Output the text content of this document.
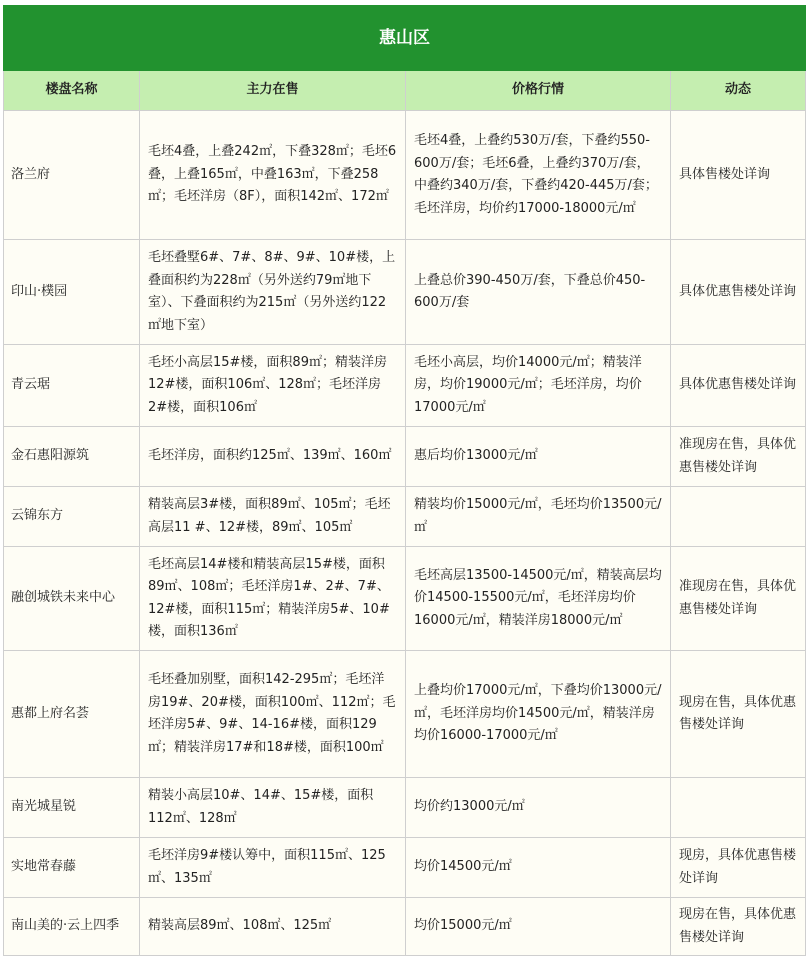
惠山区			
楼盘名称	主力在售	价格行情	动态
洛兰府	毛坯4叠，上叠242㎡，下叠328㎡；毛坯6叠，上叠165㎡，中叠163㎡，下叠258㎡；毛坯洋房（8F），面积142㎡、172㎡	毛坯4叠，上叠约530万/套，下叠约550-600万/套；毛坯6叠，上叠约370万/套，中叠约340万/套，下叠约420-445万/套；毛坯洋房，均价约17000-18000元/㎡	具体售楼处详询
印山·樸园	毛坯叠墅6#、7#、8#、9#、10#楼，上叠面积约为228㎡（另外送约79㎡地下室）、下叠面积约为215㎡（另外送约122㎡地下室）	上叠总价390-450万/套，下叠总价450-600万/套	具体优惠售楼处详询
青云琚	毛坯小高层15#楼，面积89㎡；精装洋房12#楼，面积106㎡、128㎡；毛坯洋房2#楼，面积106㎡	毛坯小高层，均价14000元/㎡；精装洋房，均价19000元/㎡；毛坯洋房，均价17000元/㎡	具体优惠售楼处详询
金石惠阳源筑	毛坯洋房，面积约125㎡、139㎡、160㎡	惠后均价13000元/㎡	准现房在售，具体优惠售楼处详询
云锦东方	精装高层3#楼，面积89㎡、105㎡；毛坯高层11 #、12#楼，89㎡、105㎡	精装均价15000元/㎡，毛坯均价13500元/㎡	
融创城铁未来中心	毛坯高层14#楼和精装高层15#楼，面积89㎡、108㎡；毛坯洋房1#、2#、7#、12#楼，面积115㎡；精装洋房5#、10#楼，面积136㎡	毛坯高层13500-14500元/㎡，精装高层均价14500-15500元/㎡，毛坯洋房均价16000元/㎡，精装洋房18000元/㎡	准现房在售，具体优惠售楼处详询
惠都上府名荟	毛坯叠加别墅，面积142-295㎡；毛坯洋房19#、20#楼，面积100㎡、112㎡；毛坯洋房5#、9#、14-16#楼，面积129㎡；精装洋房17#和18#楼，面积100㎡	上叠均价17000元/㎡，下叠均价13000元/㎡，毛坯洋房均价14500元/㎡，精装洋房均价16000-17000元/㎡	现房在售，具体优惠售楼处详询
南光城星锐	精装小高层10#、14#、15#楼，面积112㎡、128㎡	均价约13000元/㎡	
实地常春藤	毛坯洋房9#楼认筹中，面积115㎡、125㎡、135㎡	均价14500元/㎡	现房，具体优惠售楼处详询
南山美的·云上四季	精装高层89㎡、108㎡、125㎡	均价15000元/㎡	现房在售，具体优惠售楼处详询
